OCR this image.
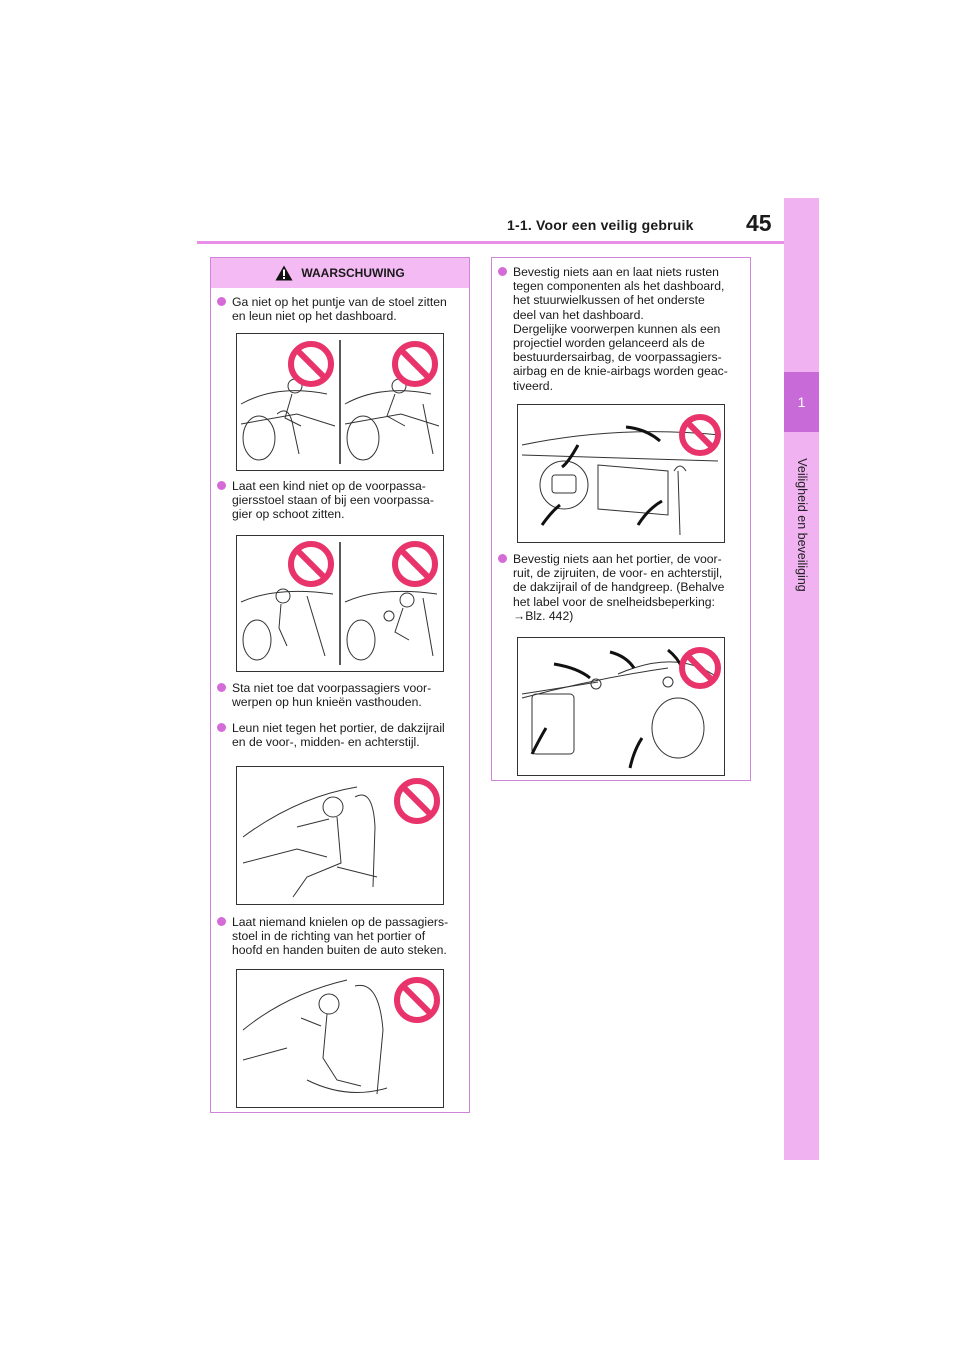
1-1. Voor een veilig gebruik 45
1
Veiligheid en beveiliging
WAARSCHUWING
Ga niet op het puntje van de stoel zitten
en leun niet op het dashboard.
Laat een kind niet op de voorpassa-
giersstoel staan of bij een voorpassa-
gier op schoot zitten.
Sta niet toe dat voorpassagiers voor-
werpen op hun knieën vasthouden.
Leun niet tegen het portier, de dakzijrail
en de voor-, midden- en achterstijl.
Laat niemand knielen op de passagiers-
stoel in de richting van het portier of
hoofd en handen buiten de auto steken.
Bevestig niets aan en laat niets rusten
tegen componenten als het dashboard,
het stuurwielkussen of het onderste
deel van het dashboard.
Dergelijke voorwerpen kunnen als een
projectiel worden gelanceerd als de
bestuurdersairbag, de voorpassagiers-
airbag en de knie-airbags worden geac-
tiveerd.
Bevestig niets aan het portier, de voor-
ruit, de zijruiten, de voor- en achterstijl,
de dakzijrail of de handgreep. (Behalve
het label voor de snelheidsbeperking:
→Blz. 442)
